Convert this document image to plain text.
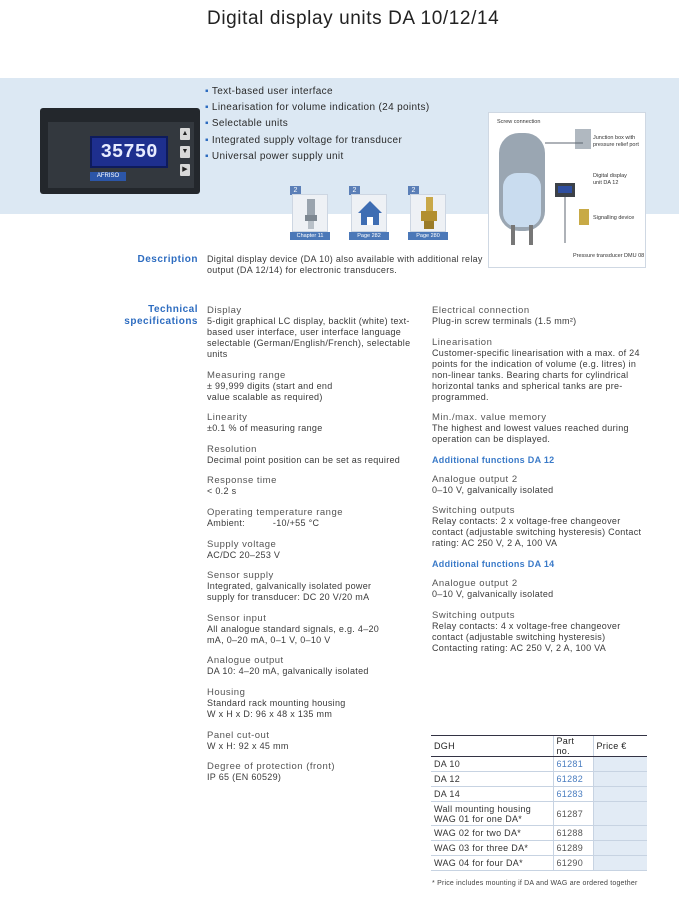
Digital display units DA 10/12/14
35750
▲
▼
▶
AFRISO
▪ Text-based user interface
▪ Linearisation for volume indication (24 points)
▪ Selectable units
▪ Integrated supply voltage for transducer
▪ Universal power supply unit
2
Chapter 11
2
Page 282
2
Page 280
Screw connection
Junction box with pressure relief port
Digital display unit DA 12
Signalling device
Pressure transducer DMU 08
Description Digital display device (DA 10) also available with additional relay output (DA 12/14) for electronic transducers.
Technical
specifications
Display
5-digit graphical LC display, backlit (white) text-based user interface, user interface language selectable (German/English/French), selectable units
Measuring range
± 99,999 digits (start and end value scalable as required)
Linearity
±0.1 % of measuring range
Resolution
Decimal point position can be set as required
Response time
< 0.2 s
Operating temperature range
Ambient:          -10/+55 °C
Supply voltage
AC/DC 20–253 V
Sensor supply
Integrated, galvanically isolated power supply for transducer: DC 20 V/20 mA
Sensor input
All analogue standard signals, e.g. 4–20 mA, 0–20 mA, 0–1 V, 0–10 V
Analogue output
DA 10: 4–20 mA, galvanically isolated
Housing
Standard rack mounting housing W x H x D: 96 x 48 x 135 mm
Panel cut-out
W x H: 92 x 45 mm
Degree of protection (front)
IP 65 (EN 60529)
Electrical connection
Plug-in screw terminals (1.5 mm²)
Linearisation
Customer-specific linearisation with a max. of 24 points for the indication of volume (e.g. litres) in non-linear tanks. Bearing charts for cylindrical horizontal tanks and spherical tanks are pre-programmed.
Min./max. value memory
The highest and lowest values reached during operation can be displayed.
Additional functions DA 12
Analogue output 2
0–10 V, galvanically isolated
Switching outputs
Relay contacts: 2 x voltage-free changeover contact (adjustable switching hysteresis) Contact rating: AC 250 V, 2 A, 100 VA
Additional functions DA 14
Analogue output 2
0–10 V, galvanically isolated
Switching outputs
Relay contacts: 4 x voltage-free changeover contact (adjustable switching hysteresis) Contacting rating: AC 250 V, 2 A, 100 VA
DGH	Part no.	Price €
DA 10	61281	
DA 12	61282	
DA 14	61283	
Wall mounting housing WAG 01 for one DA*	61287	
WAG 02 for two DA*	61288	
WAG 03 for three DA*	61289	
WAG 04 for four DA*	61290	
* Price includes mounting if DA and WAG are ordered together
